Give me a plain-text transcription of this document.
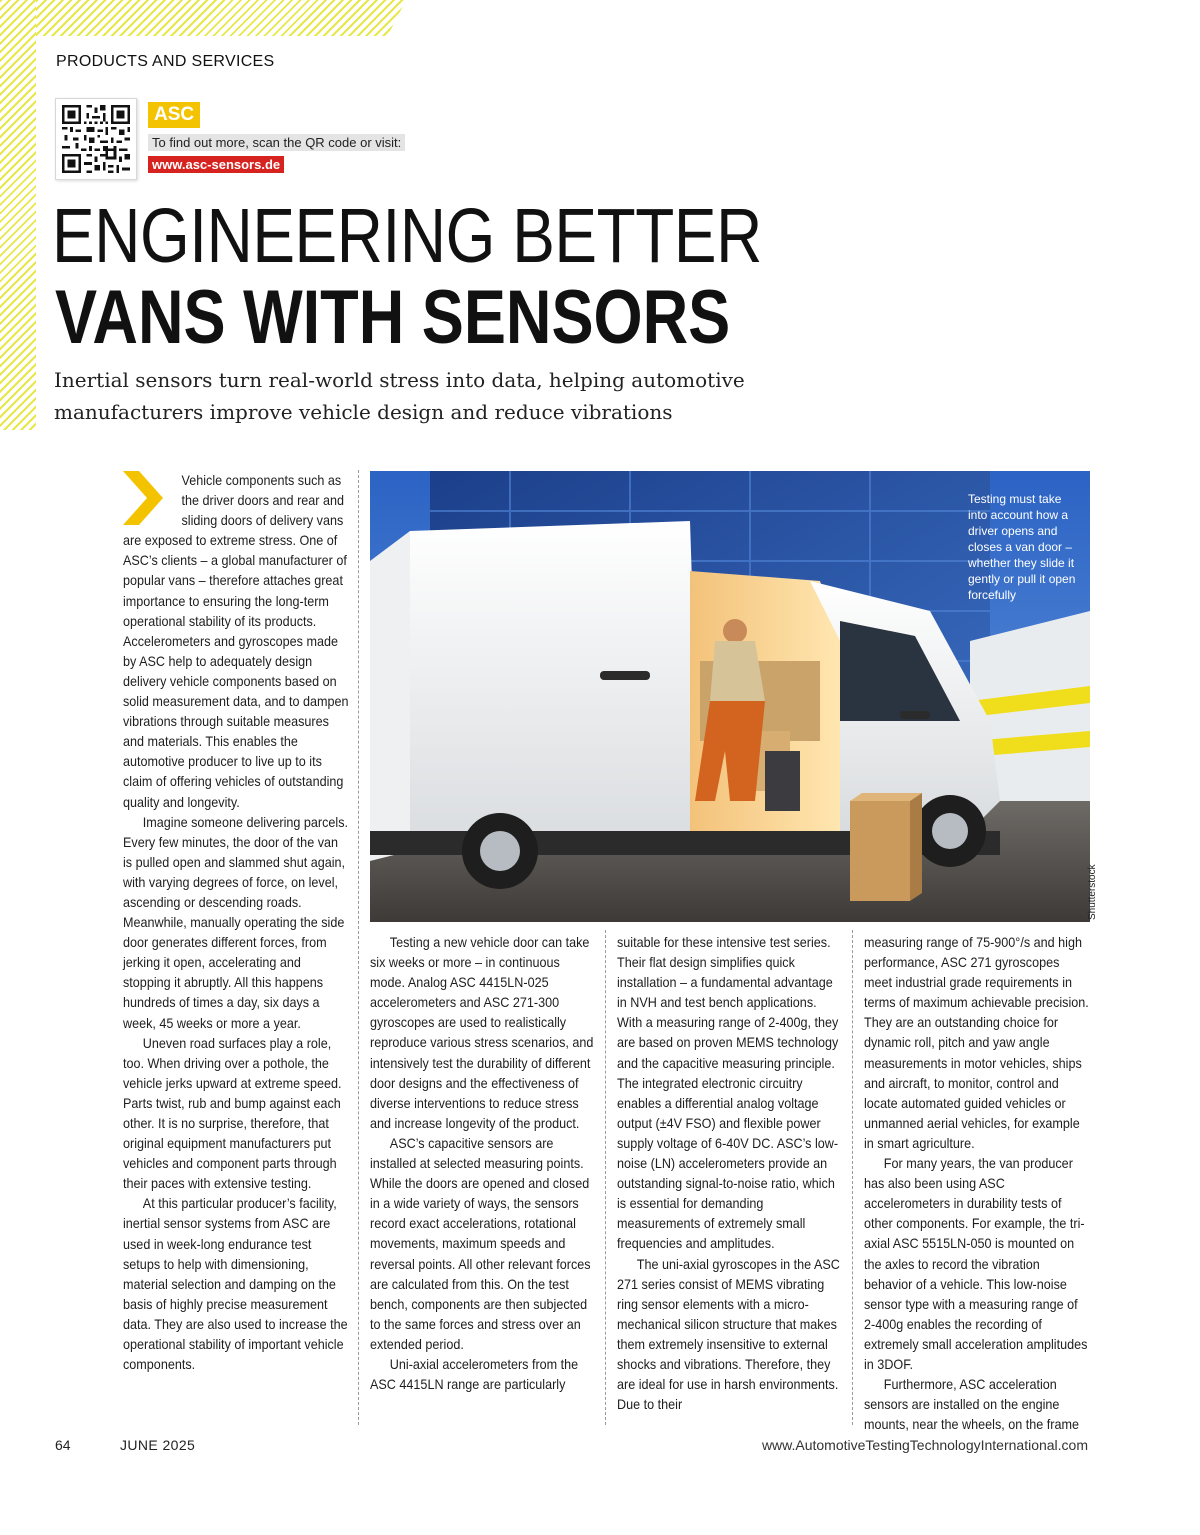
PRODUCTS AND SERVICES
ASC
To find out more, scan the QR code or visit:
www.asc-sensors.de
ENGINEERING BETTER
VANS WITH SENSORS
Inertial sensors turn real-world stress into data, helping automotive
manufacturers improve vehicle design and reduce vibrations

Vehicle components such as the driver doors and rear and sliding doors of delivery vans are exposed to extreme stress. One of ASC’s clients – a global manufacturer of popular vans – therefore attaches great importance to ensuring the long-term operational stability of its products. Accelerometers and gyroscopes made by ASC help to adequately design delivery vehicle components based on solid measurement data, and to dampen vibrations through suitable measures and materials. This enables the automotive producer to live up to its claim of offering vehicles of outstanding quality and longevity.

Imagine someone delivering parcels. Every few minutes, the door of the van is pulled open and slammed shut again, with varying degrees of force, on level, ascending or descending roads. Meanwhile, manually operating the side door generates different forces, from jerking it open, accelerating and stopping it abruptly. All this happens hundreds of times a day, six days a week, 45 weeks or more a year.

Uneven road surfaces play a role, too. When driving over a pothole, the vehicle jerks upward at extreme speed. Parts twist, rub and bump against each other. It is no surprise, therefore, that original equipment manufacturers put vehicles and component parts through their paces with extensive testing.

At this particular producer’s facility, inertial sensor systems from ASC are used in week-long endurance test setups to help with dimensioning, material selection and damping on the basis of highly precise measurement data. They are also used to increase the operational stability of important vehicle components.

Testing must take into account how a driver opens and closes a van door – whether they slide it gently or pull it open forcefully
Shutterstock

Testing a new vehicle door can take six weeks or more – in continuous mode. Analog ASC 4415LN-025 accelerometers and ASC 271-300 gyroscopes are used to realistically reproduce various stress scenarios, and intensively test the durability of different door designs and the effectiveness of diverse interventions to reduce stress and increase longevity of the product.

ASC’s capacitive sensors are installed at selected measuring points. While the doors are opened and closed in a wide variety of ways, the sensors record exact accelerations, rotational movements, maximum speeds and reversal points. All other relevant forces are calculated from this. On the test bench, components are then subjected to the same forces and stress over an extended period.

Uni-axial accelerometers from the ASC 4415LN range are particularly

suitable for these intensive test series. Their flat design simplifies quick installation – a fundamental advantage in NVH and test bench applications. With a measuring range of 2-400g, they are based on proven MEMS technology and the capacitive measuring principle. The integrated electronic circuitry enables a differential analog voltage output (±4V FSO) and flexible power supply voltage of 6-40V DC. ASC’s low-noise (LN) accelerometers provide an outstanding signal-to-noise ratio, which is essential for demanding measurements of extremely small frequencies and amplitudes.

The uni-axial gyroscopes in the ASC 271 series consist of MEMS vibrating ring sensor elements with a micro-mechanical silicon structure that makes them extremely insensitive to external shocks and vibrations. Therefore, they are ideal for use in harsh environments. Due to their

measuring range of 75-900°/s and high performance, ASC 271 gyroscopes meet industrial grade requirements in terms of maximum achievable precision. They are an outstanding choice for dynamic roll, pitch and yaw angle measurements in motor vehicles, ships and aircraft, to monitor, control and locate automated guided vehicles or unmanned aerial vehicles, for example in smart agriculture.

For many years, the van producer has also been using ASC accelerometers in durability tests of other components. For example, the tri-axial ASC 5515LN-050 is mounted on the axles to record the vibration behavior of a vehicle. This low-noise sensor type with a measuring range of 2-400g enables the recording of extremely small acceleration amplitudes in 3DOF.

Furthermore, ASC acceleration sensors are installed on the engine mounts, near the wheels, on the frame

64	JUNE 2025	www.AutomotiveTestingTechnologyInternational.com
